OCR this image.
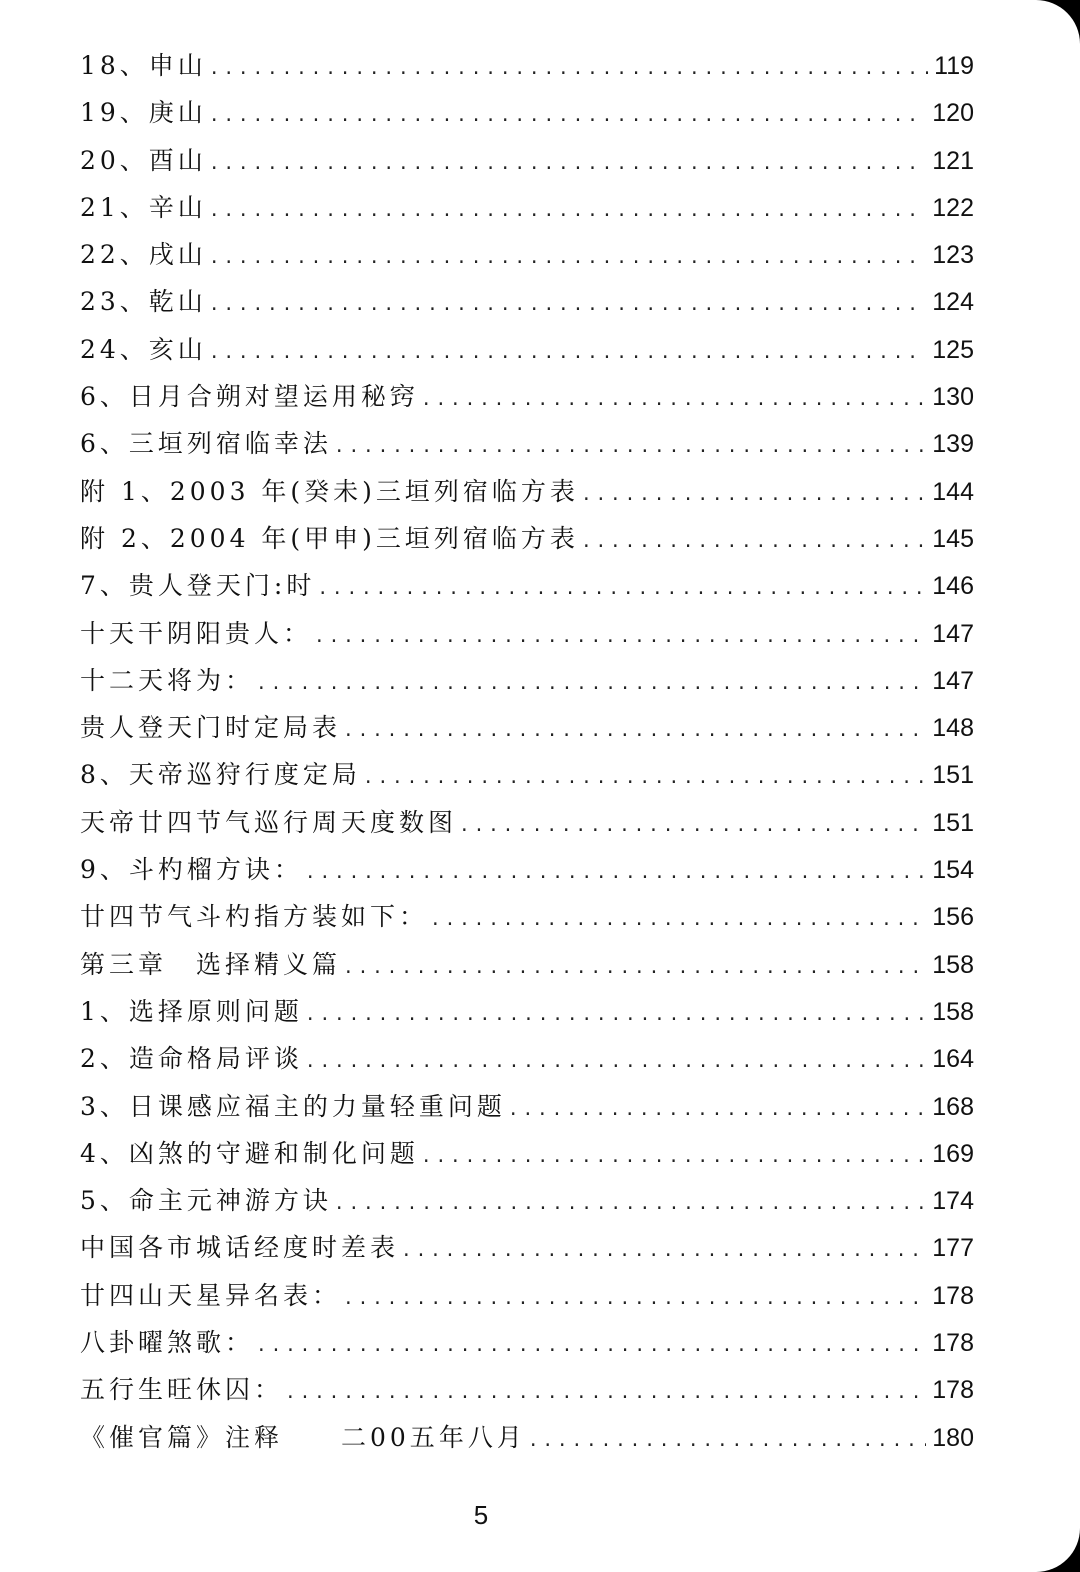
18、申山 . . .	119
19、庚山 . . .	120
20、酉山 . . .	121
21、辛山 . . .	122
22、戌山 . . .	123
23、乾山 . . .	124
24、亥山 . . .	125
6、日月合朔对望运用秘窍 . . .	130
6、三垣列宿临幸法 . . .	139
附 1、2003 年(癸未)三垣列宿临方表 . . .	144
附 2、2004 年(甲申)三垣列宿临方表 . . .	145
7、贵人登天门:时 . . .	146
十天干阴阳贵人： . . .	147
十二天将为： . . .	147
贵人登天门时定局表 . . .	148
8、天帝巡狩行度定局 . . .	151
天帝廿四节气巡行周天度数图 . . .	151
9、斗杓榴方诀： . . .	154
廿四节气斗杓指方装如下： . . .	156
第三章　选择精义篇 . . .	158
1、选择原则问题 . . .	158
2、造命格局评谈 . . .	164
3、日课感应福主的力量轻重问题 . . .	168
4、凶煞的守避和制化问题 . . .	169
5、命主元神游方诀 . . .	174
中国各市城话经度时差表 . . .	177
廿四山天星异名表： . . .	178
八卦曜煞歌： . . .	178
五行生旺休囚： . . .	178
《催官篇》注释　　二00五年八月 . . .	180
5
